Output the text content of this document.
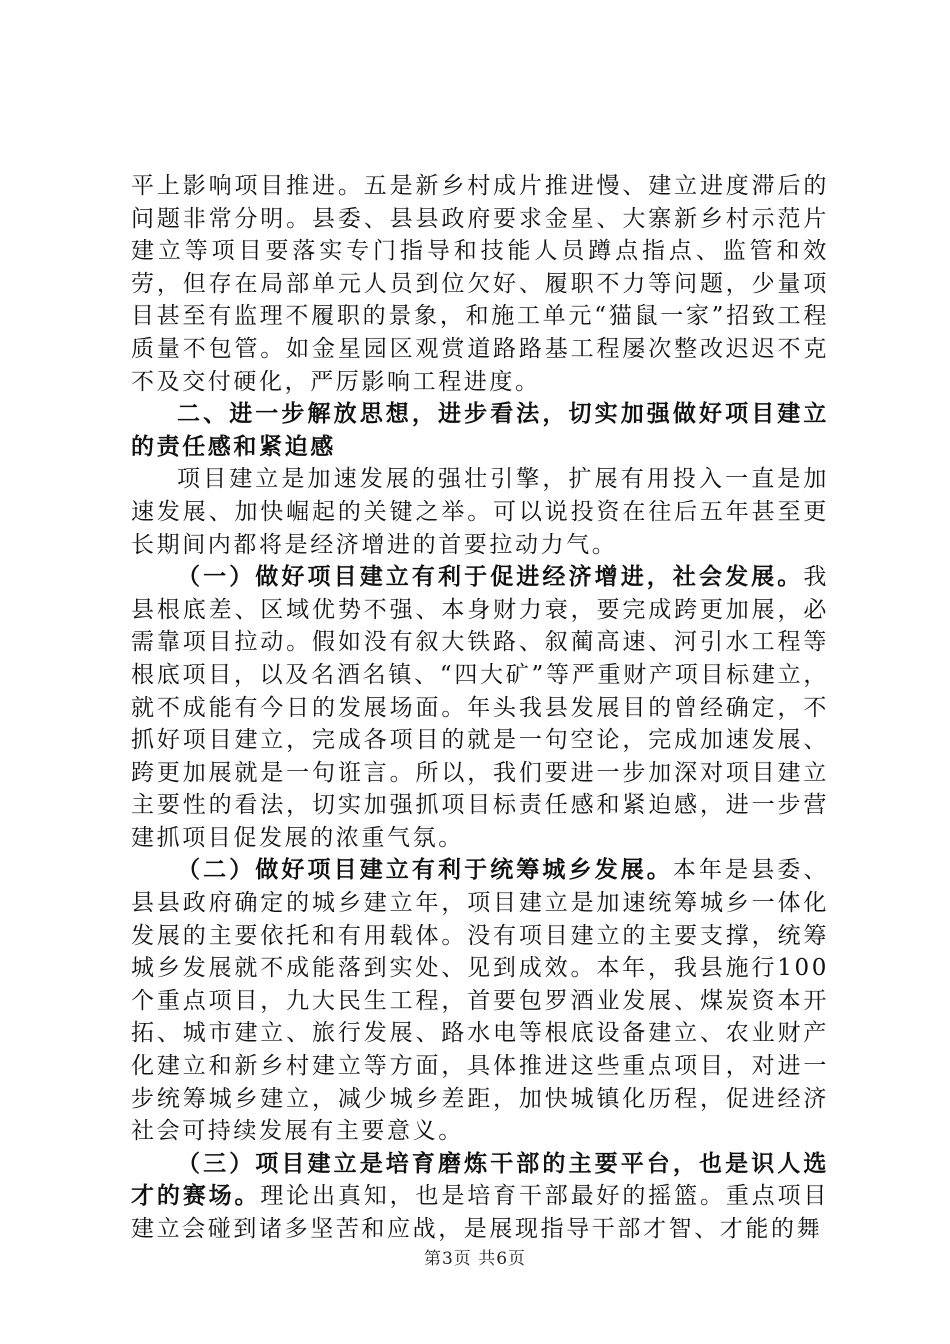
平上影响项目推进。五是新乡村成片推进慢、建立进度滞后的问题非常分明。县委、县县政府要求金星、大寨新乡村示范片建立等项目要落实专门指导和技能人员蹲点指点、监管和效劳，但存在局部单元人员到位欠好、履职不力等问题，少量项目甚至有监理不履职的景象，和施工单元“猫鼠一家”招致工程质量不包管。如金星园区观赏道路路基工程屡次整改迟迟不克不及交付硬化，严厉影响工程进度。

二、进一步解放思想，进步看法，切实加强做好项目建立的责任感和紧迫感

项目建立是加速发展的强壮引擎，扩展有用投入一直是加速发展、加快崛起的关键之举。可以说投资在往后五年甚至更长期间内都将是经济增进的首要拉动力气。

（一）做好项目建立有利于促进经济增进，社会发展。我县根底差、区域优势不强、本身财力衰，要完成跨更加展，必需靠项目拉动。假如没有叙大铁路、叙蔺高速、河引水工程等根底项目，以及名酒名镇、“四大矿”等严重财产项目标建立，就不成能有今日的发展场面。年头我县发展目的曾经确定，不抓好项目建立，完成各项目的就是一句空论，完成加速发展、跨更加展就是一句诳言。所以，我们要进一步加深对项目建立主要性的看法，切实加强抓项目标责任感和紧迫感，进一步营建抓项目促发展的浓重气氛。

（二）做好项目建立有利于统筹城乡发展。本年是县委、县县政府确定的城乡建立年，项目建立是加速统筹城乡一体化发展的主要依托和有用载体。没有项目建立的主要支撑，统筹城乡发展就不成能落到实处、见到成效。本年，我县施行100个重点项目，九大民生工程，首要包罗酒业发展、煤炭资本开拓、城市建立、旅行发展、路水电等根底设备建立、农业财产化建立和新乡村建立等方面，具体推进这些重点项目，对进一步统筹城乡建立，减少城乡差距，加快城镇化历程，促进经济社会可持续发展有主要意义。

（三）项目建立是培育磨炼干部的主要平台，也是识人选才的赛场。理论出真知，也是培育干部最好的摇篮。重点项目建立会碰到诸多坚苦和应战，是展现指导干部才智、才能的舞

第3页 共6页
